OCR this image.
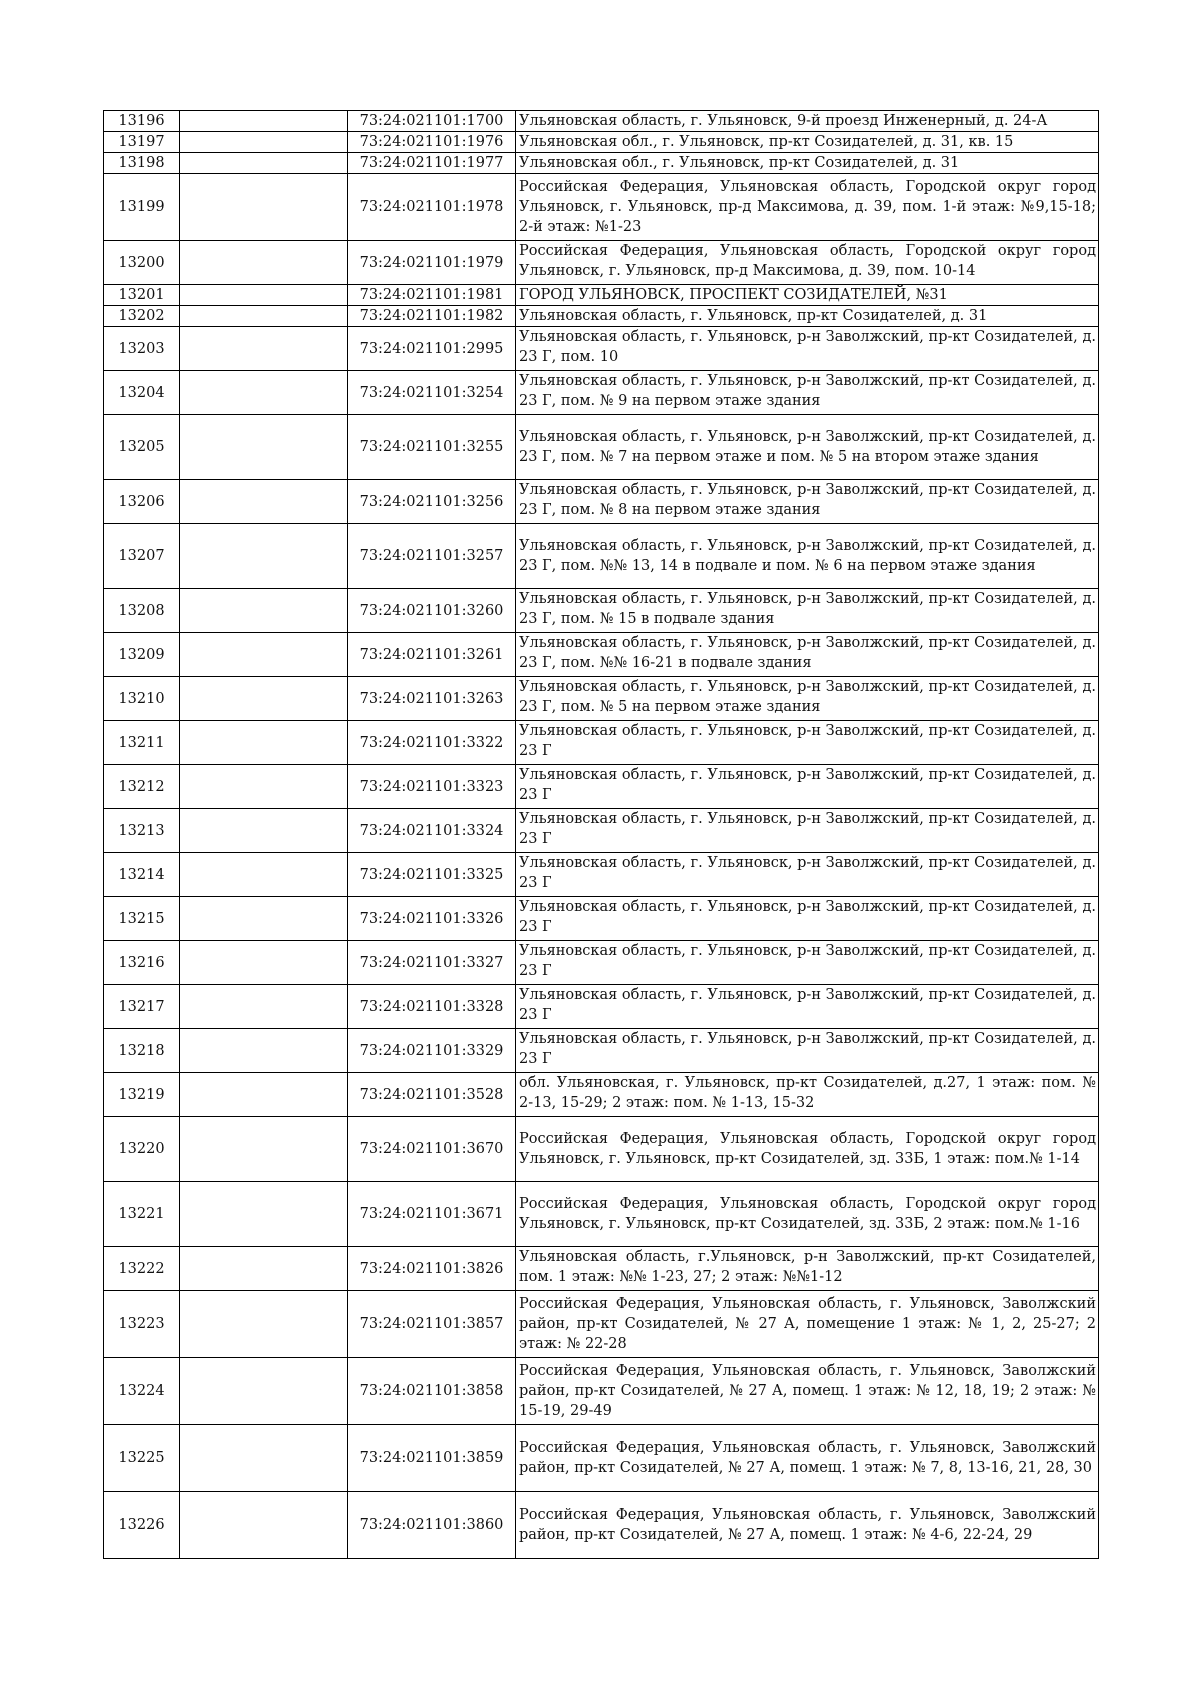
13196		73:24:021101:1700	Ульяновская область, г. Ульяновск, 9-й проезд Инженерный, д. 24-А
13197		73:24:021101:1976	Ульяновская обл., г. Ульяновск, пр-кт Созидателей, д. 31, кв. 15
13198		73:24:021101:1977	Ульяновская обл., г. Ульяновск, пр-кт Созидателей, д. 31
13199		73:24:021101:1978	Российская Федерация, Ульяновская область, Городской округ город Ульяновск, г. Ульяновск, пр-д Максимова, д. 39, пом. 1-й этаж: №9,15-18; 2-й этаж: №1-23
13200		73:24:021101:1979	Российская Федерация, Ульяновская область, Городской округ город Ульяновск, г. Ульяновск, пр-д Максимова, д. 39, пом. 10-14
13201		73:24:021101:1981	ГОРОД УЛЬЯНОВСК, ПРОСПЕКТ СОЗИДАТЕЛЕЙ, №31
13202		73:24:021101:1982	Ульяновская область, г. Ульяновск, пр-кт Созидателей, д. 31
13203		73:24:021101:2995	Ульяновская область, г. Ульяновск, р-н Заволжский, пр-кт Созидателей, д. 23 Г, пом. 10
13204		73:24:021101:3254	Ульяновская область, г. Ульяновск, р-н Заволжский, пр-кт Созидателей, д. 23 Г, пом. № 9 на первом этаже здания
13205		73:24:021101:3255	Ульяновская область, г. Ульяновск, р-н Заволжский, пр-кт Созидателей, д. 23 Г, пом. № 7 на первом этаже и пом. № 5 на втором этаже здания
13206		73:24:021101:3256	Ульяновская область, г. Ульяновск, р-н Заволжский, пр-кт Созидателей, д. 23 Г, пом. № 8 на первом этаже здания
13207		73:24:021101:3257	Ульяновская область, г. Ульяновск, р-н Заволжский, пр-кт Созидателей, д. 23 Г, пом. №№ 13, 14 в подвале и пом. № 6 на первом этаже здания
13208		73:24:021101:3260	Ульяновская область, г. Ульяновск, р-н Заволжский, пр-кт Созидателей, д. 23 Г, пом. № 15 в подвале здания
13209		73:24:021101:3261	Ульяновская область, г. Ульяновск, р-н Заволжский, пр-кт Созидателей, д. 23 Г, пом. №№ 16-21 в подвале здания
13210		73:24:021101:3263	Ульяновская область, г. Ульяновск, р-н Заволжский, пр-кт Созидателей, д. 23 Г, пом. № 5 на первом этаже здания
13211		73:24:021101:3322	Ульяновская область, г. Ульяновск, р-н Заволжский, пр-кт Созидателей, д. 23 Г
13212		73:24:021101:3323	Ульяновская область, г. Ульяновск, р-н Заволжский, пр-кт Созидателей, д. 23 Г
13213		73:24:021101:3324	Ульяновская область, г. Ульяновск, р-н Заволжский, пр-кт Созидателей, д. 23 Г
13214		73:24:021101:3325	Ульяновская область, г. Ульяновск, р-н Заволжский, пр-кт Созидателей, д. 23 Г
13215		73:24:021101:3326	Ульяновская область, г. Ульяновск, р-н Заволжский, пр-кт Созидателей, д. 23 Г
13216		73:24:021101:3327	Ульяновская область, г. Ульяновск, р-н Заволжский, пр-кт Созидателей, д. 23 Г
13217		73:24:021101:3328	Ульяновская область, г. Ульяновск, р-н Заволжский, пр-кт Созидателей, д. 23 Г
13218		73:24:021101:3329	Ульяновская область, г. Ульяновск, р-н Заволжский, пр-кт Созидателей, д. 23 Г
13219		73:24:021101:3528	обл. Ульяновская, г. Ульяновск, пр-кт Созидателей, д.27, 1 этаж: пом. № 2-13, 15-29; 2 этаж: пом. № 1-13, 15-32
13220		73:24:021101:3670	Российская Федерация, Ульяновская область, Городской округ город Ульяновск, г. Ульяновск, пр-кт Созидателей, зд. 33Б, 1 этаж: пом.№ 1-14
13221		73:24:021101:3671	Российская Федерация, Ульяновская область, Городской округ город Ульяновск, г. Ульяновск, пр-кт Созидателей, зд. 33Б, 2 этаж: пом.№ 1-16
13222		73:24:021101:3826	Ульяновская область, г.Ульяновск, р-н Заволжский, пр-кт Созидателей, пом. 1 этаж: №№ 1-23, 27; 2 этаж: №№1-12
13223		73:24:021101:3857	Российская Федерация, Ульяновская область, г. Ульяновск, Заволжский район, пр-кт Созидателей, № 27 А, помещение 1 этаж: № 1, 2, 25-27; 2 этаж: № 22-28
13224		73:24:021101:3858	Российская Федерация, Ульяновская область, г. Ульяновск, Заволжский район, пр-кт Созидателей, № 27 А, помещ. 1 этаж: № 12, 18, 19; 2 этаж: № 15-19, 29-49
13225		73:24:021101:3859	Российская Федерация, Ульяновская область, г. Ульяновск, Заволжский район, пр-кт Созидателей, № 27 А, помещ. 1 этаж: № 7, 8, 13-16, 21, 28, 30
13226		73:24:021101:3860	Российская Федерация, Ульяновская область, г. Ульяновск, Заволжский район, пр-кт Созидателей, № 27 А, помещ. 1 этаж: № 4-6, 22-24, 29
